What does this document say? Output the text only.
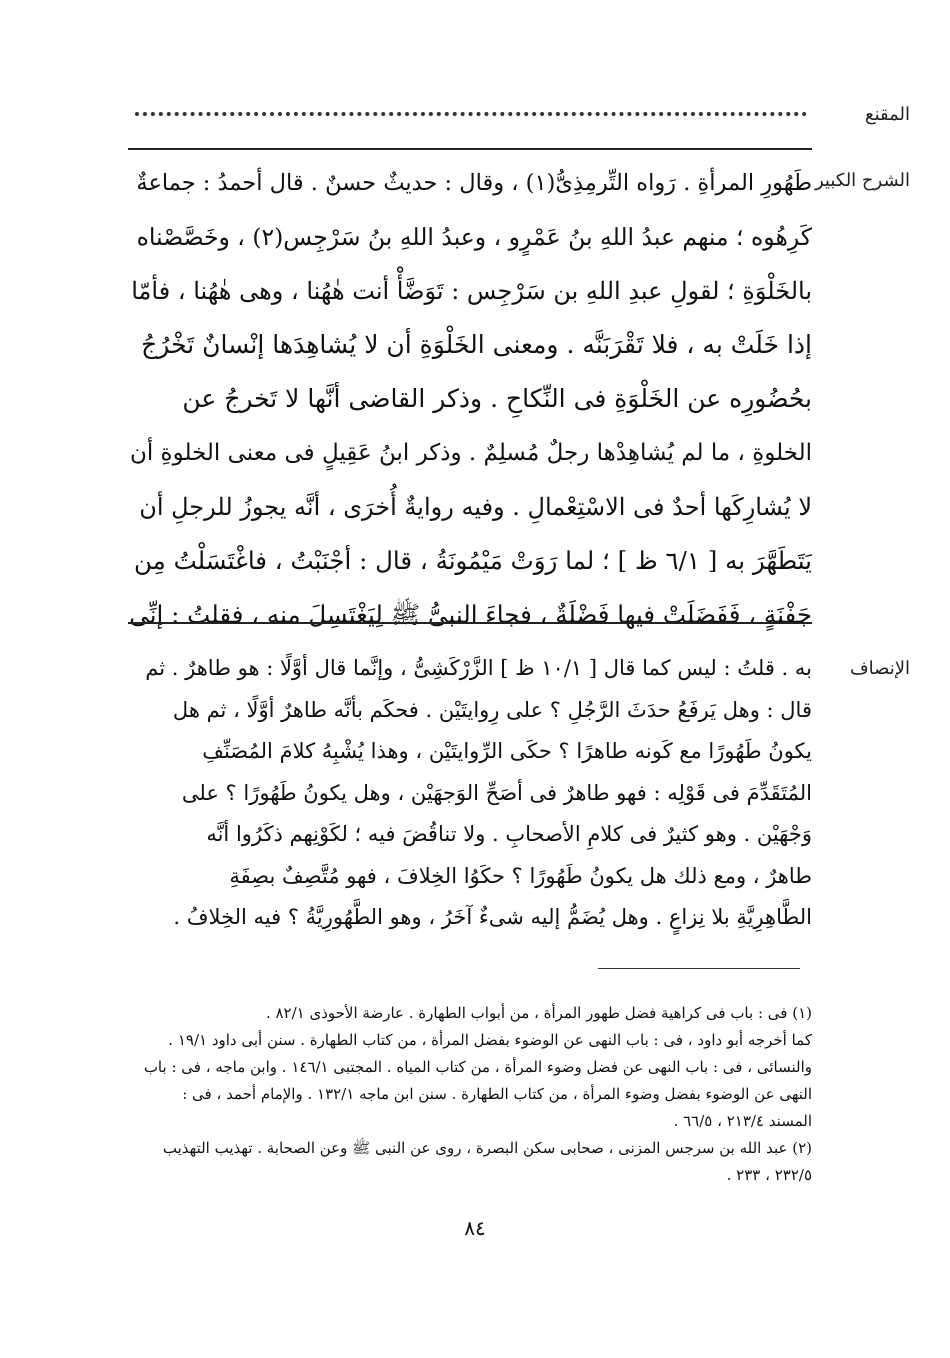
المقنع
الشرح الكبير
طَهُورِ المرأةِ . رَواه التِّرمِذِىُّ(١) ، وقال : حديثٌ حسنٌ . قال أحمدُ : جماعةٌ
كَرِهُوه ؛ منهم عبدُ اللهِ بنُ عَمْرٍو ، وعبدُ اللهِ بنُ سَرْجِس(٢) ، وخَصَّصْناه
بالخَلْوَةِ ؛ لقولِ عبدِ اللهِ بن سَرْجِس : تَوَضَّأْ أنت هٰهُنا ، وهى هٰهُنا ، فأمّا
إذا خَلَتْ به ، فلا تَقْرَبَنَّه . ومعنى الخَلْوَةِ أن لا يُشاهِدَها إنْسانٌ تَخْرُجُ
بحُضُورِه عن الخَلْوَةِ فى النِّكاحِ . وذكر القاضى أنَّها لا تَخرجُ عن
الخلوةِ ، ما لم يُشاهِدْها رجلٌ مُسلِمٌ . وذكر ابنُ عَقِيلٍ فى معنى الخلوةِ أن
لا يُشارِكَها أحدٌ فى الاسْتِعْمالِ . وفيه روايةٌ أُخرَى ، أنَّه يجوزُ للرجلِ أن
يَتَطَهَّرَ به [ ٦/١ ظ ] ؛ لما رَوَتْ مَيْمُونَةُ ، قال : أجْنَبْتُ ، فاغْتَسَلْتُ مِن
جَفْنَةٍ ، فَفَضَلَتْ فيها فَضْلَةٌ ، فجاءَ النبىُّ ﷺ لِيَغْتَسِلَ منه ، فقلتُ : إنِّى
الإنصاف
به . قلتُ : ليس كما قال [ ١٠/١ ظ ] الزَّرْكَشِىُّ ، وإنَّما قال أوَّلًا : هو طاهرٌ . ثم
قال : وهل يَرفَعُ حدَثَ الرَّجُلِ ؟ على رِوايتَيْن . فحكَم بأنَّه طاهرٌ أوَّلًا ، ثم هل
يكونُ طَهُورًا مع كَونه طاهرًا ؟ حكَى الرِّوايتَيْن ، وهذا يُشْبِهُ كلامَ المُصَنِّفِ
المُتَقَدِّمَ فى قَوْلِه : فهو طاهرٌ فى أصَحِّ الوَجهَيْن ، وهل يكونُ طَهُورًا ؟ على
وَجْهَيْن . وهو كثيرٌ فى كلامِ الأصحابِ . ولا تناقُضَ فيه ؛ لكَوْنِهم ذكَرُوا أنَّه
طاهرٌ ، ومع ذلك هل يكونُ طَهُورًا ؟ حكَوُا الخِلافَ ، فهو مُتَّصِفٌ بصِفَةِ
الطَّاهِرِيَّةِ بلا نِزاعٍ . وهل يُضَمُّ إليه شىءٌ آخَرُ ، وهو الطَّهُورِيَّةُ ؟ فيه الخِلافُ .
(١) فى : باب فى كراهية فضل طهور المرأة ، من أبواب الطهارة . عارضة الأحوذى ٨٢/١ .
كما أخرجه أبو داود ، فى : باب النهى عن الوضوء بفضل المرأة ، من كتاب الطهارة . سنن أبى داود ١٩/١ .
والنسائى ، فى : باب النهى عن فضل وضوء المرأة ، من كتاب المياه . المجتبى ١٤٦/١ . وابن ماجه ، فى : باب
النهى عن الوضوء بفضل وضوء المرأة ، من كتاب الطهارة . سنن ابن ماجه ١٣٢/١ . والإمام أحمد ، فى :
المسند ٢١٣/٤ ، ٦٦/٥ .
(٢) عبد الله بن سرجس المزنى ، صحابى سكن البصرة ، روى عن النبى ﷺ وعن الصحابة . تهذيب التهذيب
٢٣٢/٥ ، ٢٣٣ .
٨٤
